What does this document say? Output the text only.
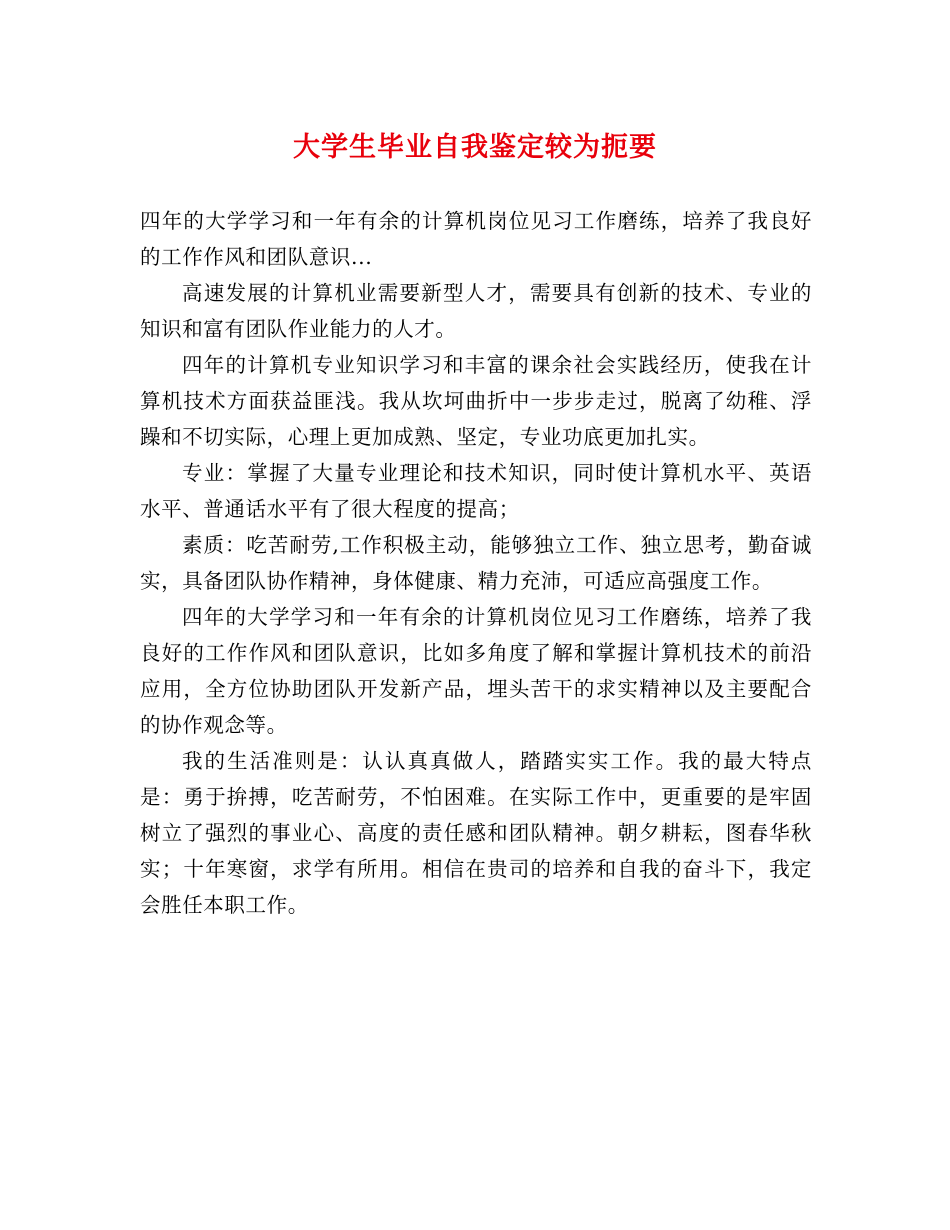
大学生毕业自我鉴定较为扼要

四年的大学学习和一年有余的计算机岗位见习工作磨练，培养了我良好的工作作风和团队意识...

高速发展的计算机业需要新型人才，需要具有创新的技术、专业的知识和富有团队作业能力的人才。

四年的计算机专业知识学习和丰富的课余社会实践经历，使我在计算机技术方面获益匪浅。我从坎坷曲折中一步步走过，脱离了幼稚、浮躁和不切实际，心理上更加成熟、坚定，专业功底更加扎实。

专业：掌握了大量专业理论和技术知识，同时使计算机水平、英语水平、普通话水平有了很大程度的提高；

素质：吃苦耐劳,工作积极主动，能够独立工作、独立思考，勤奋诚实，具备团队协作精神，身体健康、精力充沛，可适应高强度工作。

四年的大学学习和一年有余的计算机岗位见习工作磨练，培养了我良好的工作作风和团队意识，比如多角度了解和掌握计算机技术的前沿应用，全方位协助团队开发新产品，埋头苦干的求实精神以及主要配合的协作观念等。

我的生活准则是：认认真真做人，踏踏实实工作。我的最大特点是：勇于拚搏，吃苦耐劳，不怕困难。在实际工作中，更重要的是牢固树立了强烈的事业心、高度的责任感和团队精神。朝夕耕耘，图春华秋实；十年寒窗，求学有所用。相信在贵司的培养和自我的奋斗下，我定会胜任本职工作。
